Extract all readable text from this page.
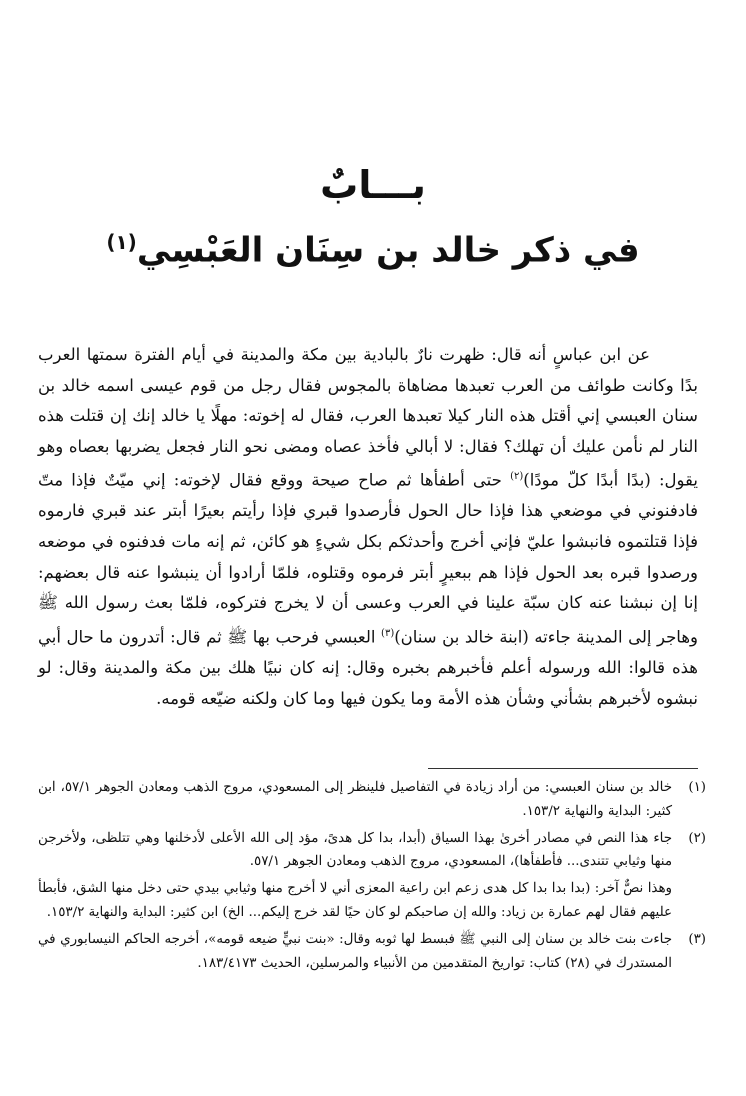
بـــابٌ
في ذكر خالد بن سِنَان العَبْسِي$^{(١)}$

عن ابن عباسٍ أنه قال: ظهرت نارٌ بالبادية بين مكة والمدينة في أيام الفترة سمتها العرب بدًا وكانت طوائف من العرب تعبدها مضاهاة بالمجوس فقال رجل من قوم عيسى اسمه خالد بن سنان العبسي إني أقتل هذه النار كيلا تعبدها العرب، فقال له إخوته: مهلًا يا خالد إنك إن قتلت هذه النار لم نأمن عليك أن تهلك؟ فقال: لا أبالي فأخذ عصاه ومضى نحو النار فجعل يضربها بعصاه وهو يقول: (بدًا أبدًا كلّ مودًا)$^{(٢)}$ حتى أطفأها ثم صاح صيحة ووقع فقال لإخوته: إني ميّتٌ فإذا متّ فادفنوني في موضعي هذا فإذا حال الحول فأرصدوا قبري فإذا رأيتم بعيرًا أبتر عند قبري فارموه فإذا قتلتموه فانبشوا عليّ فإني أخرج وأحدثكم بكل شيءٍ هو كائن، ثم إنه مات فدفنوه في موضعه ورصدوا قبره بعد الحول فإذا هم ببعيرٍ أبتر فرموه وقتلوه، فلمّا أرادوا أن ينبشوا عنه قال بعضهم: إنا إن نبشنا عنه كان سبّة علينا في العرب وعسى أن لا يخرج فتركوه، فلمّا بعث رسول الله ﷺ وهاجر إلى المدينة جاءته (ابنة خالد بن سنان)$^{(٣)}$ العبسي فرحب بها ﷺ ثم قال: أتدرون ما حال أبي هذه قالوا: الله ورسوله أعلم فأخبرهم بخبره وقال: إنه كان نبيًا هلك بين مكة والمدينة وقال: لو نبشوه لأخبرهم بشأني وشأن هذه الأمة وما يكون فيها وما كان ولكنه ضيّعه قومه.

(١)
خالد بن سنان العبسي: من أراد زيادة في التفاصيل فلينظر إلى المسعودي، مروج الذهب ومعادن الجوهر ٥٧/١، ابن كثير: البداية والنهاية ١٥٣/٢.
(٢)
جاء هذا النص في مصادر أخرىٰ بهذا السياق (أبدا، بدا كل هدىً، مؤد إلى الله الأعلى لأدخلنها وهي تتلظى، ولأخرجن منها وثيابي تتندى... فأطفأها)، المسعودي، مروج الذهب ومعادن الجوهر ٥٧/١.
وهذا نصٌّ آخر: (بدا بدا بدا كل هدى زعم ابن راعية المعزى أني لا أخرج منها وثيابي بيدي حتى دخل منها الشق، فأبطأ عليهم فقال لهم عمارة بن زياد: والله إن صاحبكم لو كان حيًا لقد خرج إليكم... الخ) ابن كثير: البداية والنهاية ١٥٣/٢.
(٣)
جاءت بنت خالد بن سنان إلى النبي ﷺ فبسط لها ثوبه وقال: «بنت نبيٍّ ضيعه قومه»، أخرجه الحاكم النيسابوري في المستدرك في (٢٨) كتاب: تواريخ المتقدمين من الأنبياء والمرسلين، الحديث ١٨٣/٤١٧٣.
